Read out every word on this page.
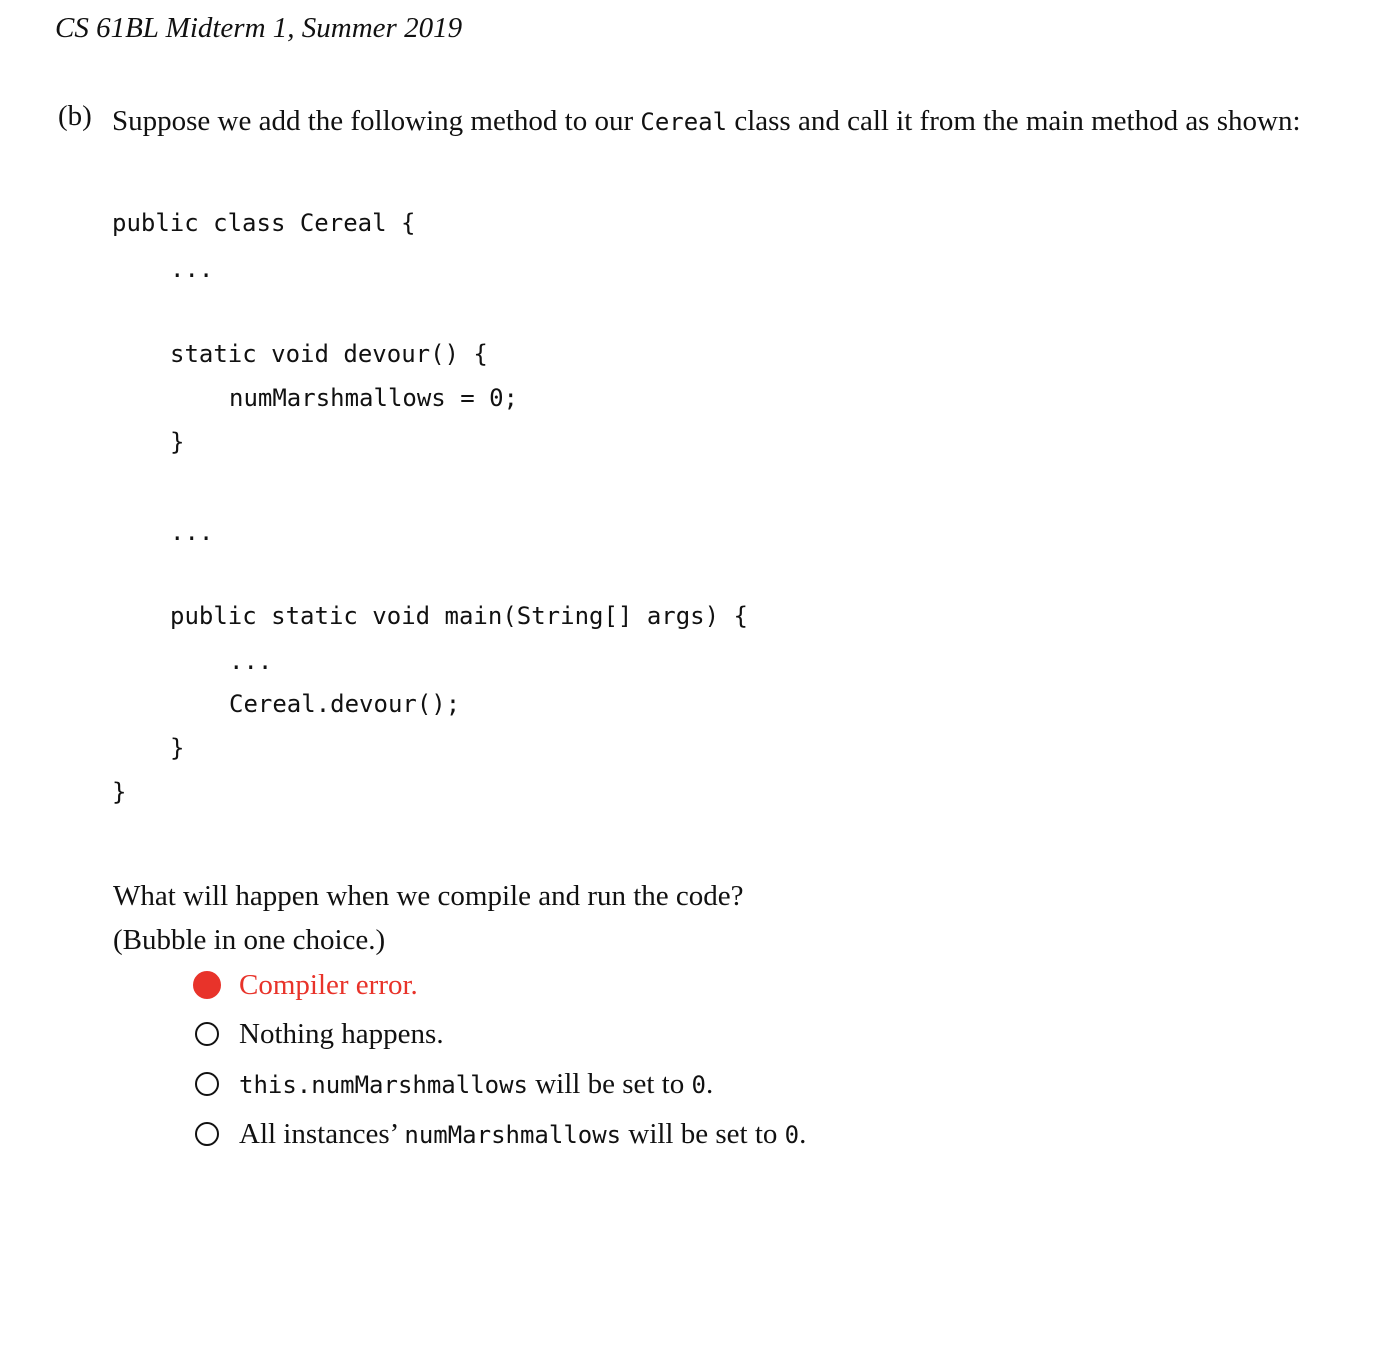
CS 61BL Midterm 1, Summer 2019
(b) Suppose we add the following method to our Cereal class and call it from the main method as shown:
public class Cereal {
...
static void devour() {
numMarshmallows = 0;
}
...
public static void main(String[] args) {
...
Cereal.devour();
}
}
What will happen when we compile and run the code?
(Bubble in one choice.)
Compiler error.
Nothing happens.
this.numMarshmallows will be set to 0.
All instances’ numMarshmallows will be set to 0.
